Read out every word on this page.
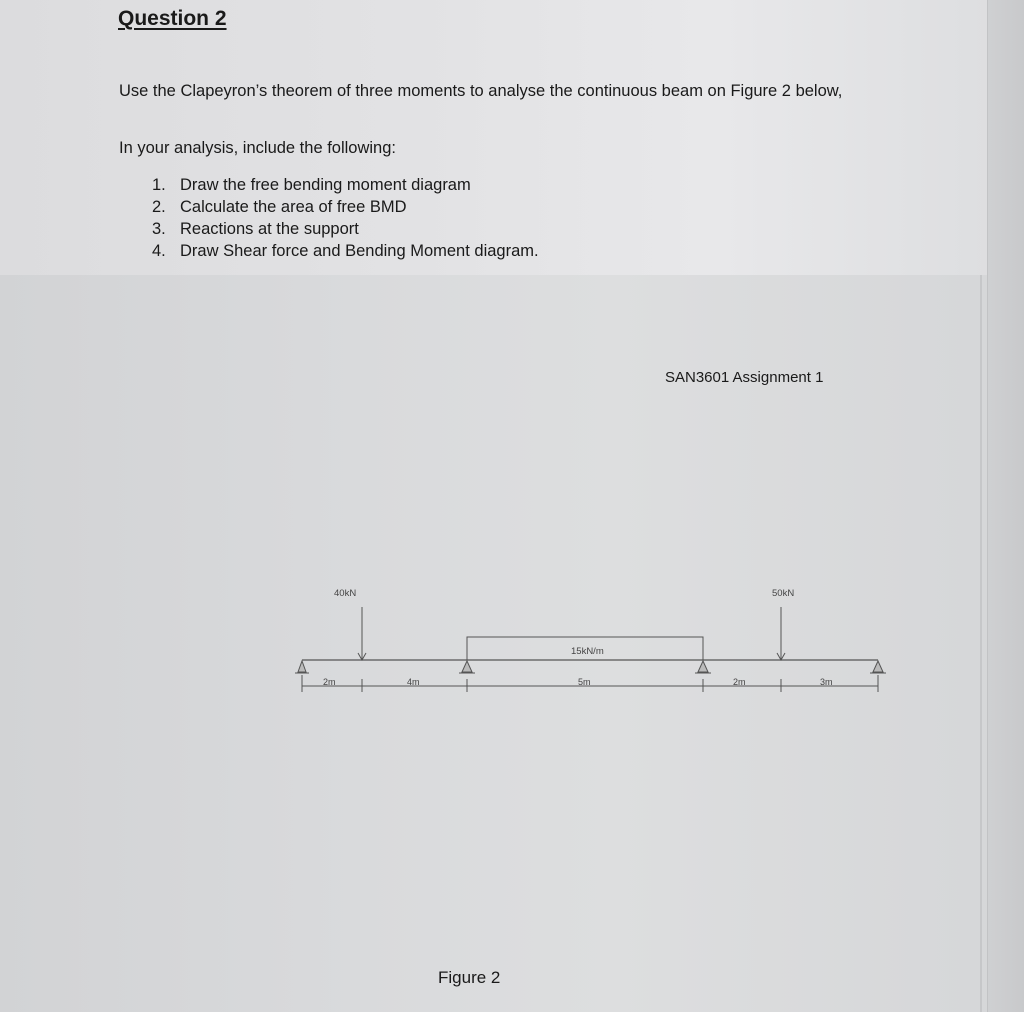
Question 2
Use the Clapeyron’s theorem of three moments to analyse the continuous beam on Figure 2 below,
In your analysis, include the following:
1. Draw the free bending moment diagram
2. Calculate the area of free BMD
3. Reactions at the support
4. Draw Shear force and Bending Moment diagram.
SAN3601 Assignment 1
40kN	50kN
15kN/m
2m	4m	5m	2m	3m
Figure 2
